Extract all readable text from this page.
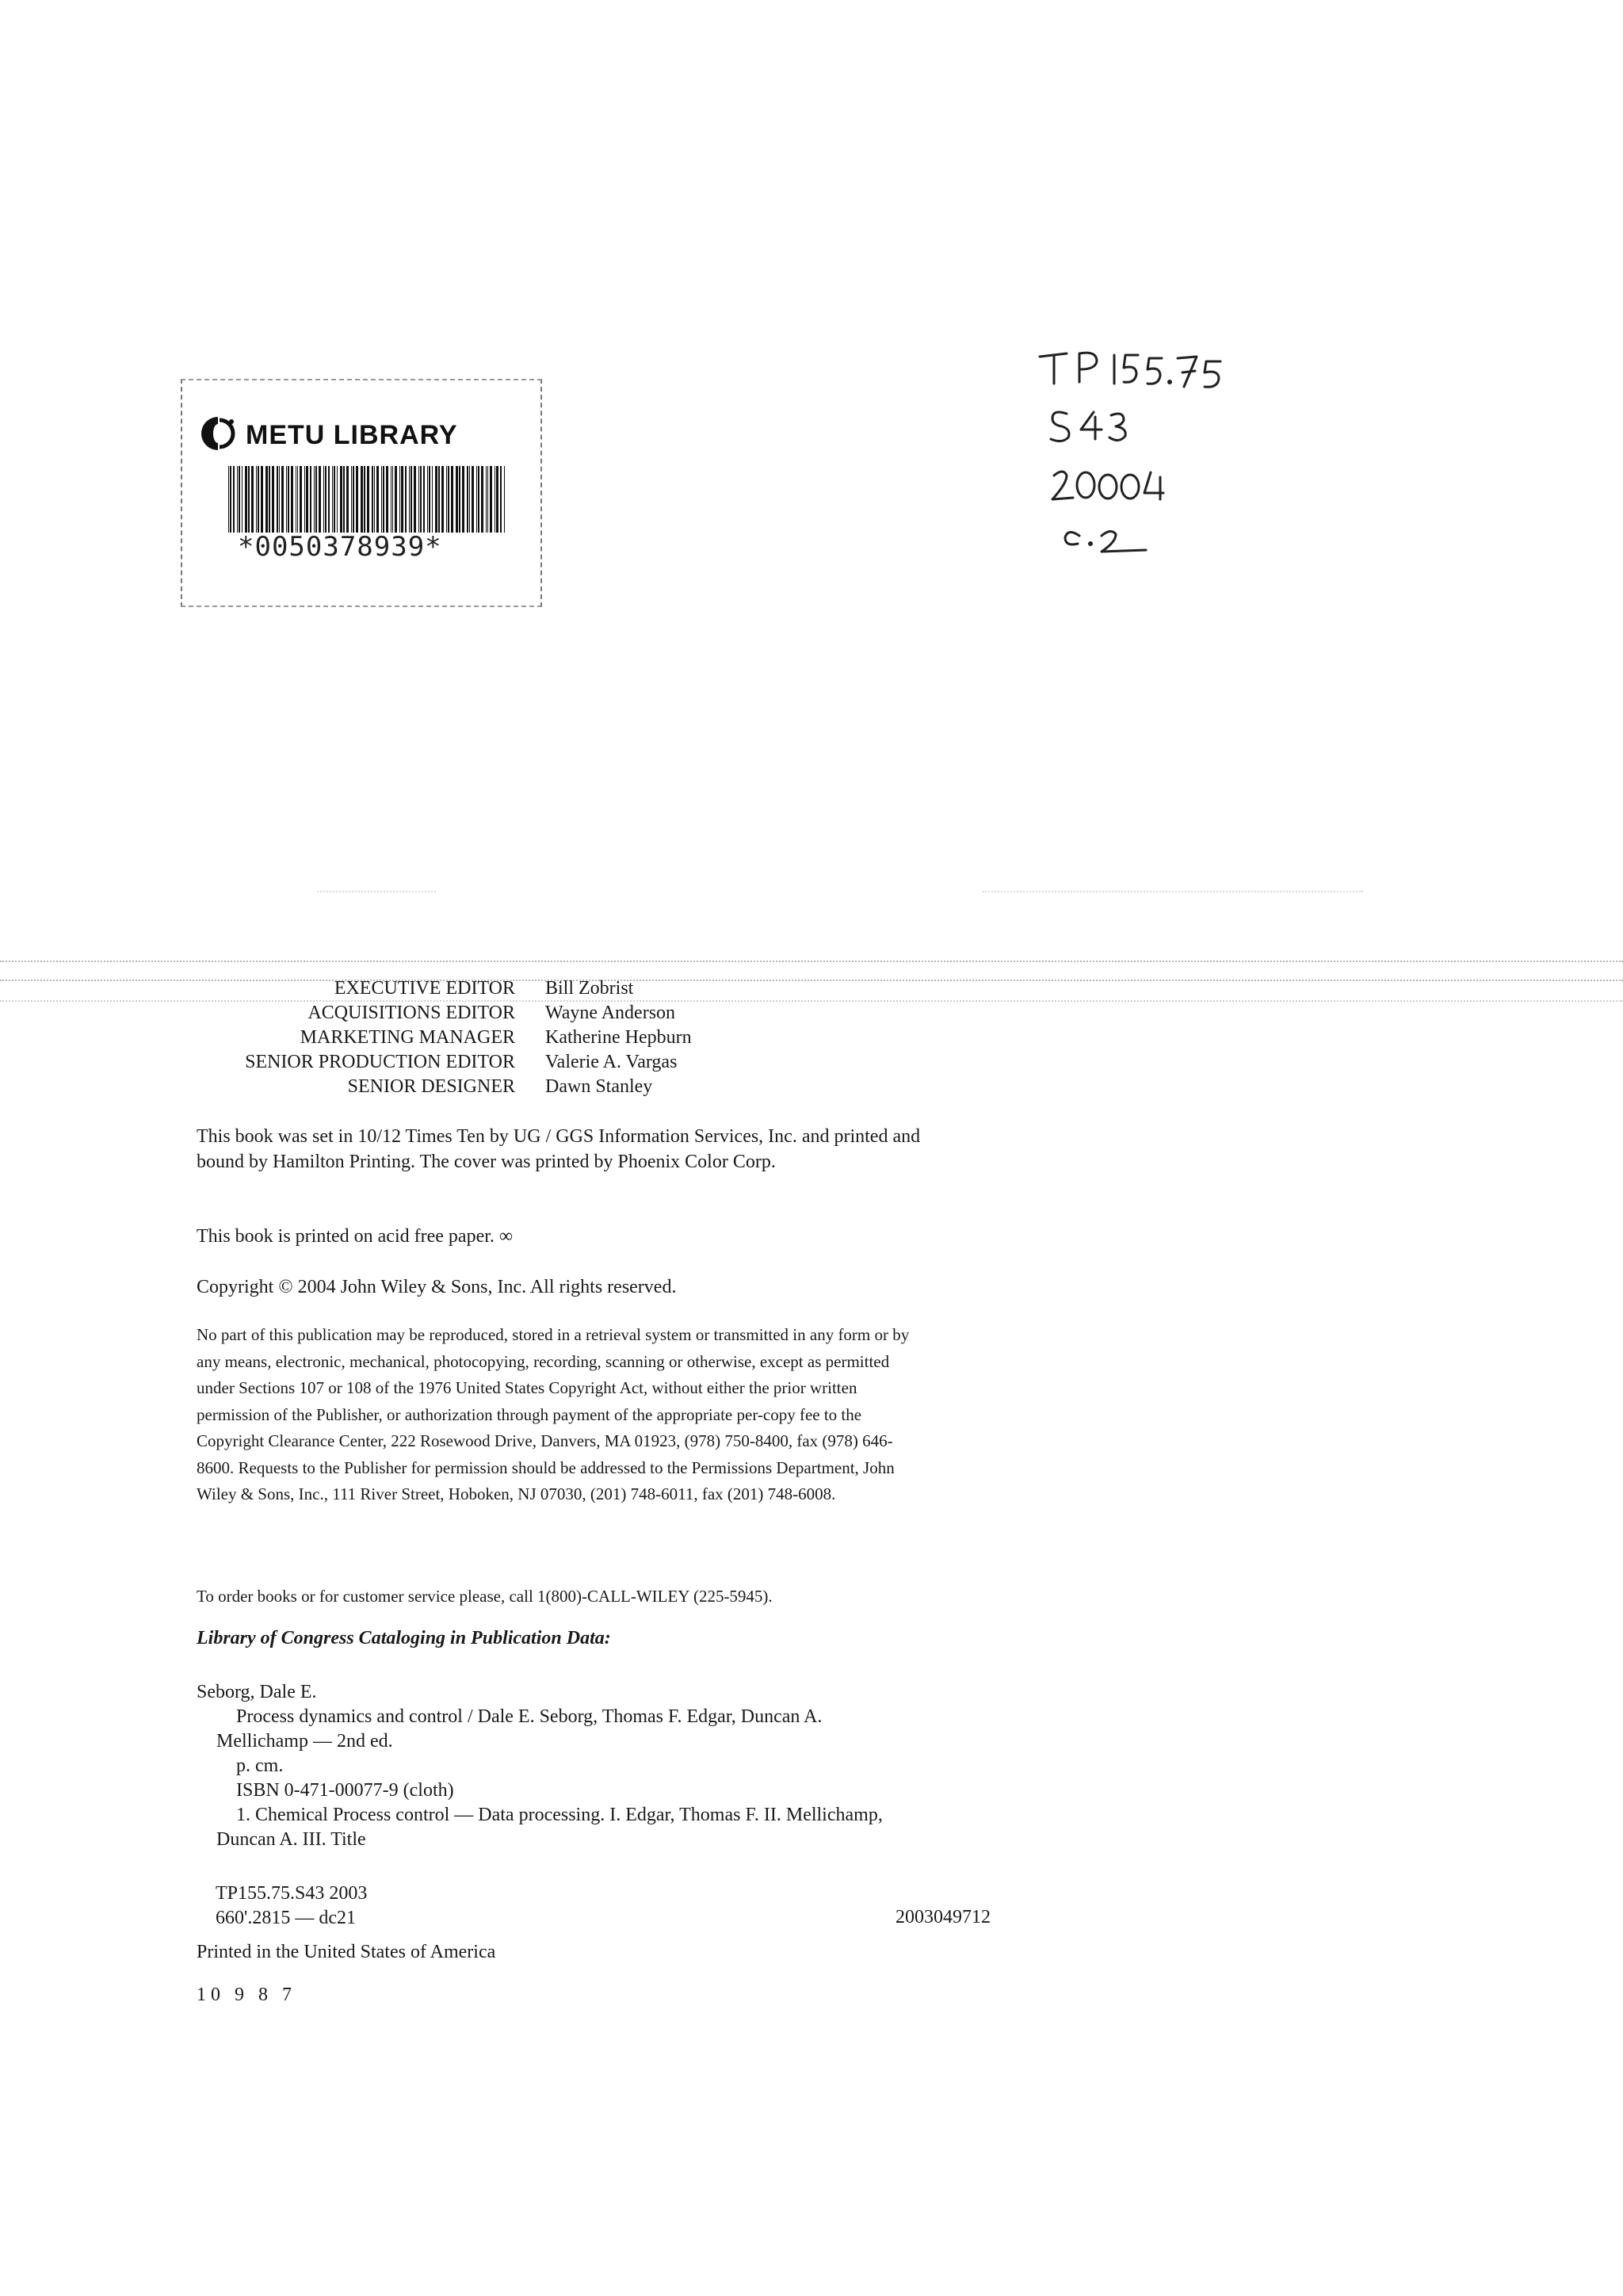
METU LIBRARY
*0050378939*
EXECUTIVE EDITOR	Bill Zobrist
ACQUISITIONS EDITOR	Wayne Anderson
MARKETING MANAGER	Katherine Hepburn
SENIOR PRODUCTION EDITOR	Valerie A. Vargas
SENIOR DESIGNER	Dawn Stanley
This book was set in 10/12 Times Ten by UG / GGS Information Services, Inc. and printed and bound by Hamilton Printing. The cover was printed by Phoenix Color Corp.
This book is printed on acid free paper. ∞
Copyright © 2004 John Wiley & Sons, Inc. All rights reserved.
No part of this publication may be reproduced, stored in a retrieval system or transmitted in any form or by any means, electronic, mechanical, photocopying, recording, scanning or otherwise, except as permitted under Sections 107 or 108 of the 1976 United States Copyright Act, without either the prior written permission of the Publisher, or authorization through payment of the appropriate per-copy fee to the Copyright Clearance Center, 222 Rosewood Drive, Danvers, MA 01923, (978) 750-8400, fax (978) 646-8600. Requests to the Publisher for permission should be addressed to the Permissions Department, John Wiley & Sons, Inc., 111 River Street, Hoboken, NJ 07030, (201) 748-6011, fax (201) 748-6008.
To order books or for customer service please, call 1(800)-CALL-WILEY (225-5945).
Library of Congress Cataloging in Publication Data:
Seborg, Dale E.
Process dynamics and control / Dale E. Seborg, Thomas F. Edgar, Duncan A.
Mellichamp — 2nd ed.
p. cm.
ISBN 0-471-00077-9 (cloth)
1. Chemical Process control — Data processing. I. Edgar, Thomas F. II. Mellichamp,
Duncan A. III. Title
TP155.75.S43 2003
660'.2815 — dc21	2003049712
Printed in the United States of America
10 9 8 7
